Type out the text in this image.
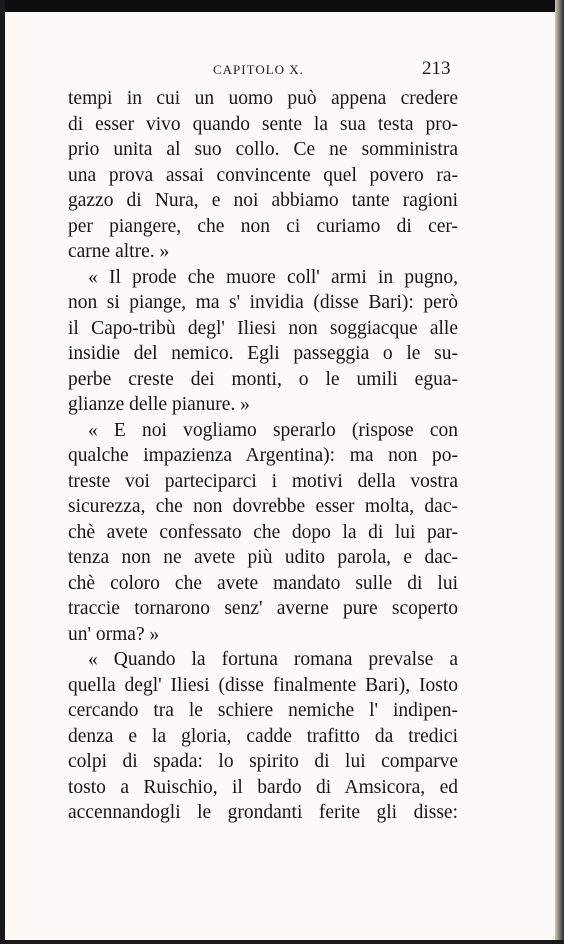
CAPITOLO X.	213
tempi in cui un uomo può appena credere
di esser vivo quando sente la sua testa pro-
prio unita al suo collo. Ce ne somministra
una prova assai convincente quel povero ra-
gazzo di Nura, e noi abbiamo tante ragioni
per piangere, che non ci curiamo di cer-
carne altre. »
« Il prode che muore coll' armi in pugno,
non si piange, ma s' invidia (disse Bari): però
il Capo-tribù degl' Iliesi non soggiacque alle
insidie del nemico. Egli passeggia o le su-
perbe creste dei monti, o le umili egua-
glianze delle pianure. »
« E noi vogliamo sperarlo (rispose con
qualche impazienza Argentina): ma non po-
treste voi parteciparci i motivi della vostra
sicurezza, che non dovrebbe esser molta, dac-
chè avete confessato che dopo la di lui par-
tenza non ne avete più udito parola, e dac-
chè coloro che avete mandato sulle di lui
traccie tornarono senz' averne pure scoperto
un' orma? »
« Quando la fortuna romana prevalse a
quella degl' Iliesi (disse finalmente Bari), Iosto
cercando tra le schiere nemiche l' indipen-
denza e la gloria, cadde trafitto da tredici
colpi di spada: lo spirito di lui comparve
tosto a Ruischio, il bardo di Amsicora, ed
accennandogli le grondanti ferite gli disse:
